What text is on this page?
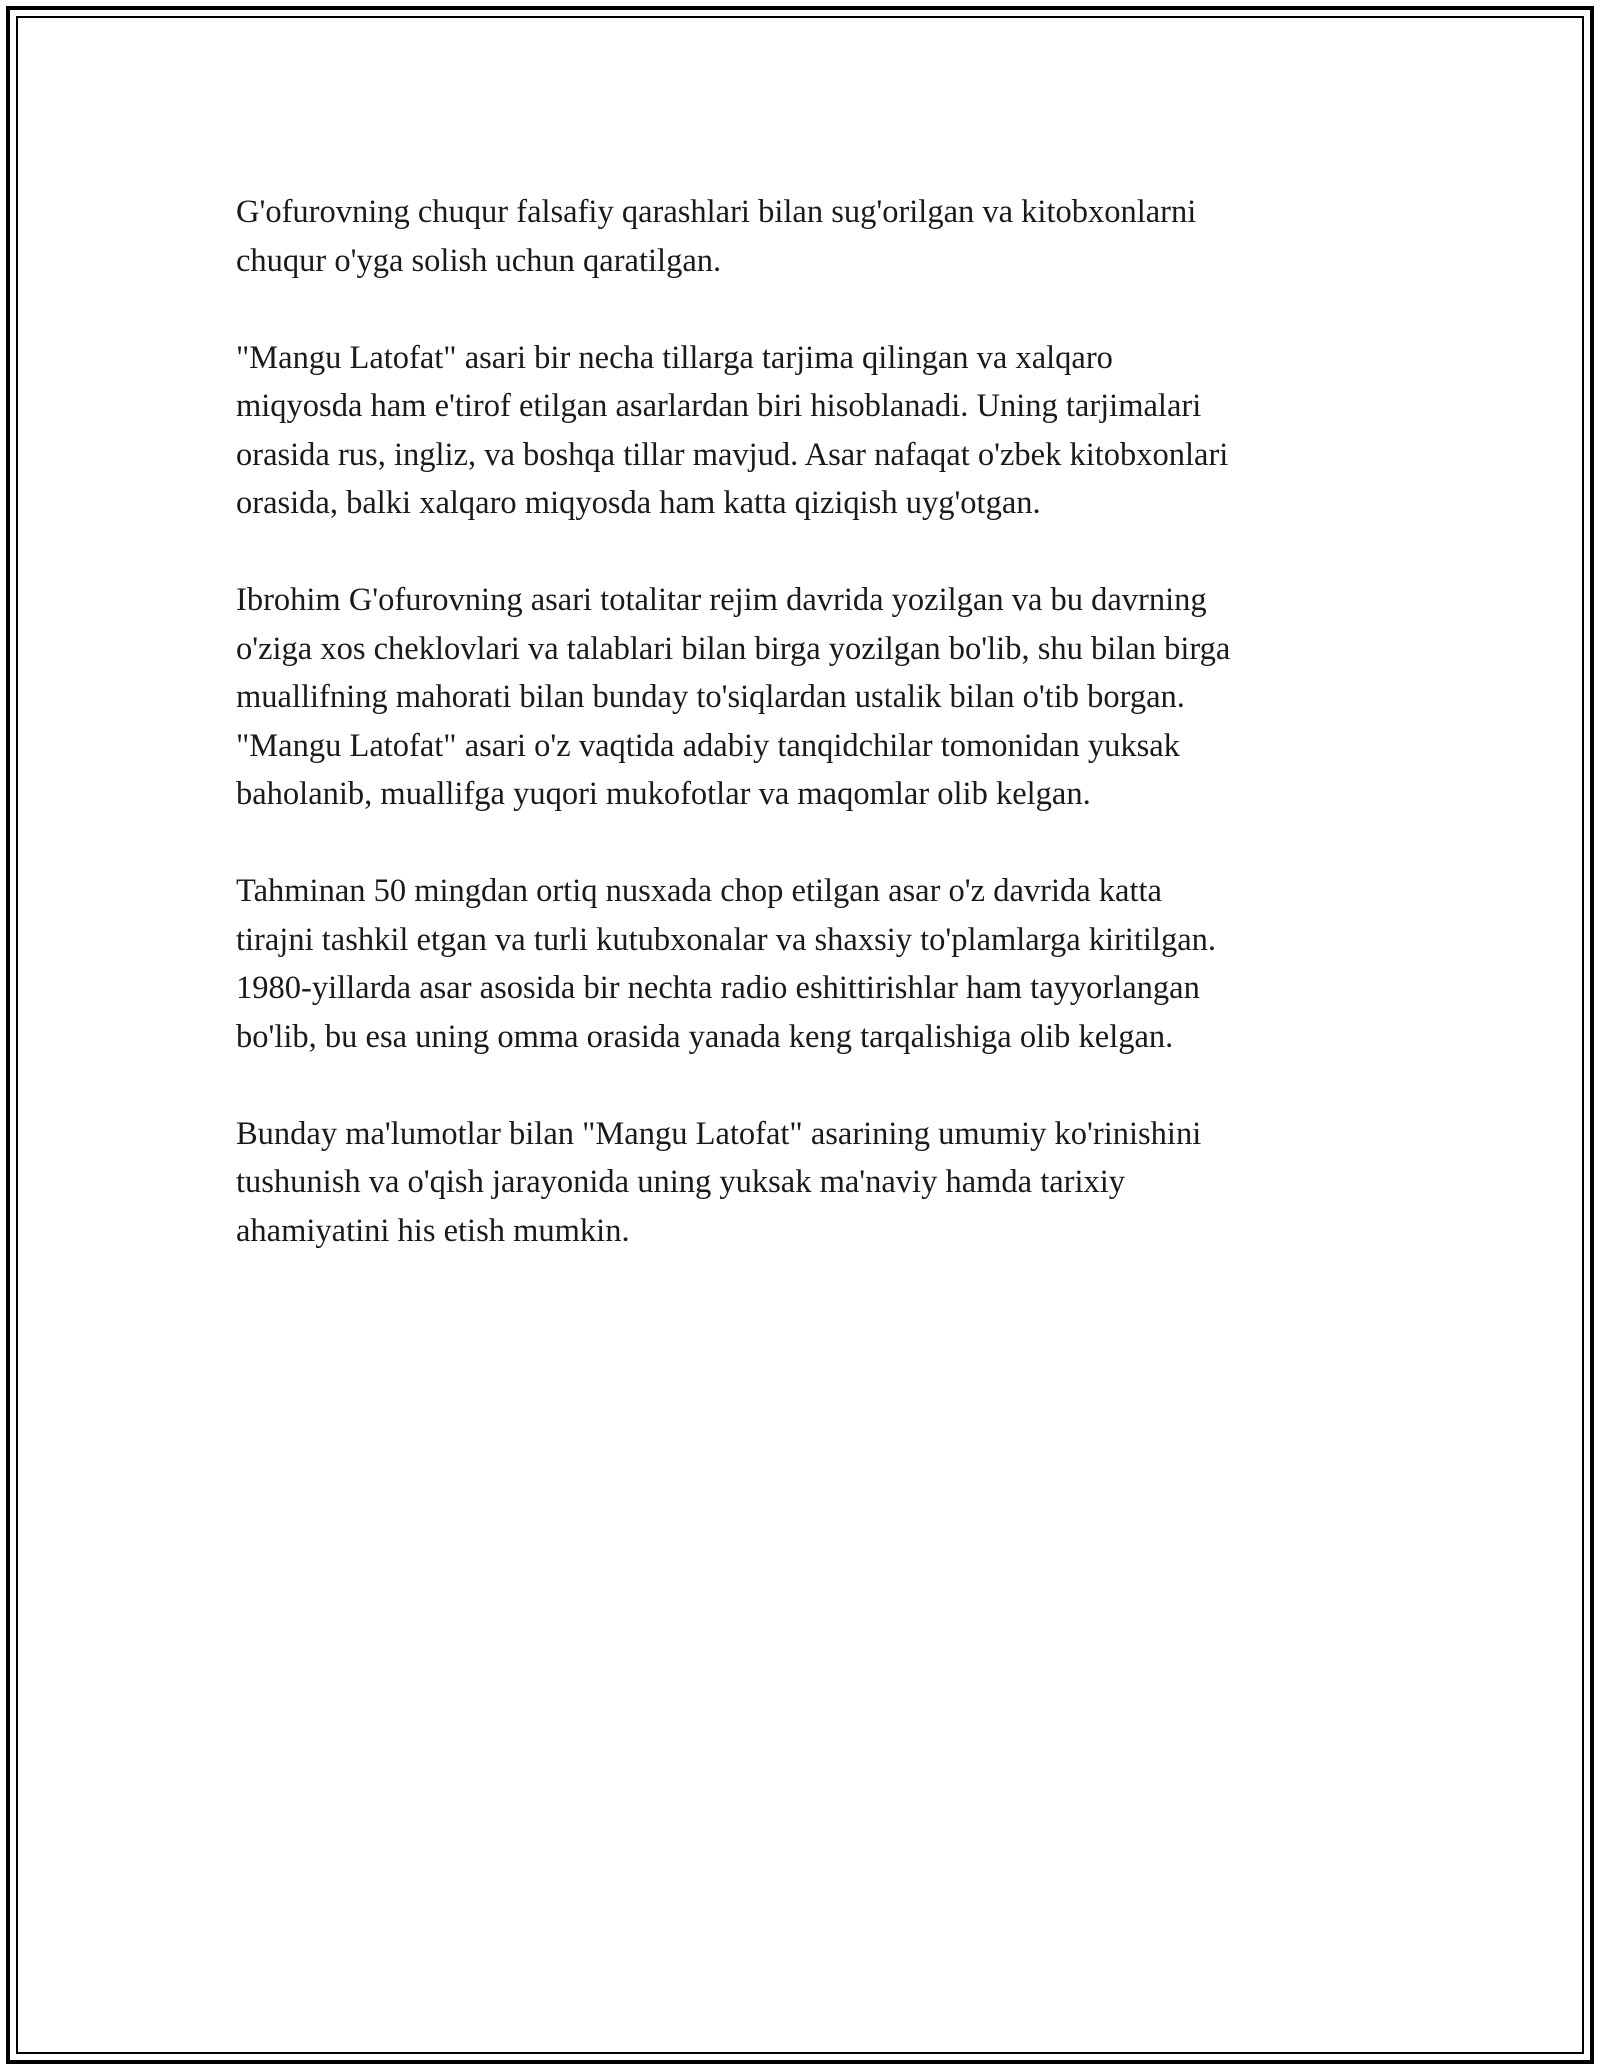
G'ofurovning chuqur falsafiy qarashlari bilan sug'orilgan va kitobxonlarni
chuqur o'yga solish uchun qaratilgan.

"Mangu Latofat" asari bir necha tillarga tarjima qilingan va xalqaro
miqyosda ham e'tirof etilgan asarlardan biri hisoblanadi. Uning tarjimalari
orasida rus, ingliz, va boshqa tillar mavjud. Asar nafaqat o'zbek kitobxonlari
orasida, balki xalqaro miqyosda ham katta qiziqish uyg'otgan.

Ibrohim G'ofurovning asari totalitar rejim davrida yozilgan va bu davrning
o'ziga xos cheklovlari va talablari bilan birga yozilgan bo'lib, shu bilan birga
muallifning mahorati bilan bunday to'siqlardan ustalik bilan o'tib borgan.
"Mangu Latofat" asari o'z vaqtida adabiy tanqidchilar tomonidan yuksak
baholanib, muallifga yuqori mukofotlar va maqomlar olib kelgan.

Tahminan 50 mingdan ortiq nusxada chop etilgan asar o'z davrida katta
tirajni tashkil etgan va turli kutubxonalar va shaxsiy to'plamlarga kiritilgan.
1980-yillarda asar asosida bir nechta radio eshittirishlar ham tayyorlangan
bo'lib, bu esa uning omma orasida yanada keng tarqalishiga olib kelgan.

Bunday ma'lumotlar bilan "Mangu Latofat" asarining umumiy ko'rinishini
tushunish va o'qish jarayonida uning yuksak ma'naviy hamda tarixiy
ahamiyatini his etish mumkin.
